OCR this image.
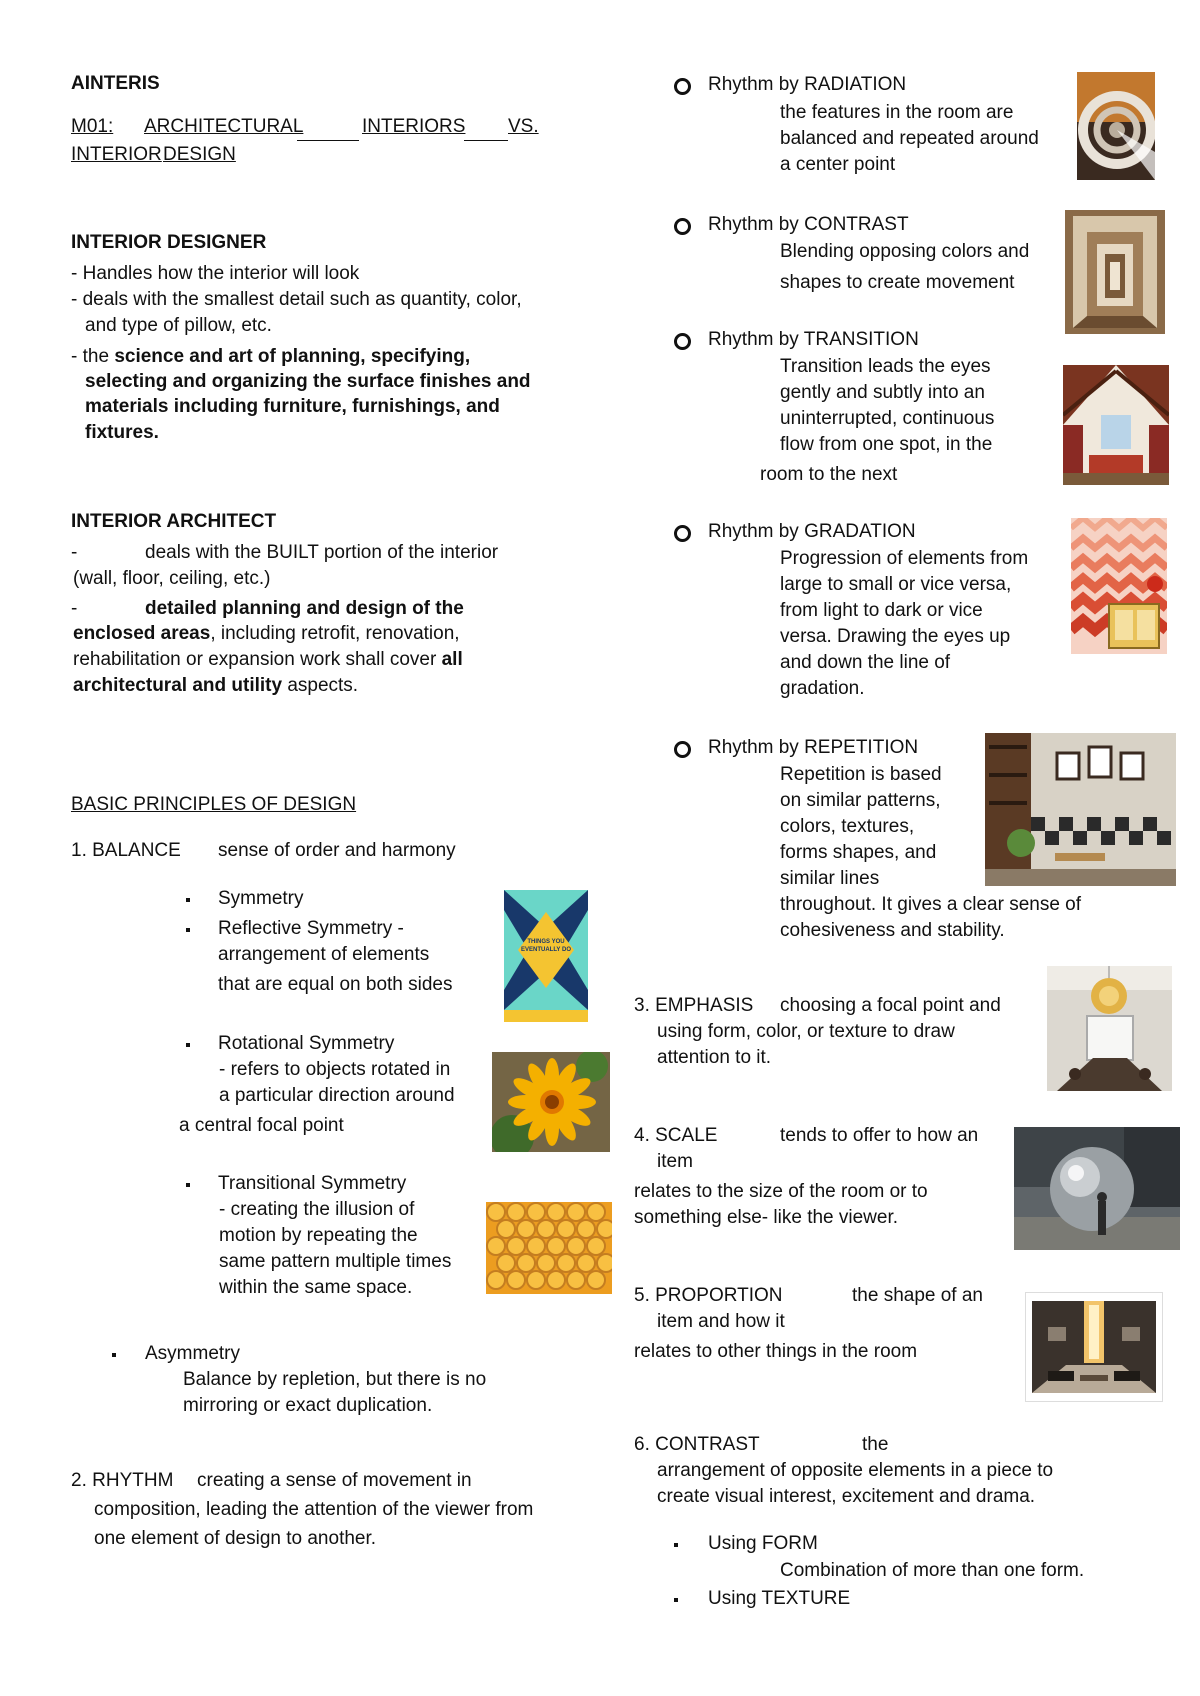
AINTERIS
M01: ARCHITECTURAL	INTERIORS VS.
INTERIOR DESIGN
INTERIOR DESIGNER
- Handles how the interior will look
- deals with the smallest detail such as quantity, color,
and type of pillow, etc.
- the science and art of planning, specifying,
selecting and organizing the surface finishes and
materials including furniture, furnishings, and
fixtures.
INTERIOR ARCHITECT
-	deals with the BUILT portion of the interior
(wall, floor, ceiling, etc.)
-	detailed planning and design of the
enclosed areas, including retrofit, renovation,
rehabilitation or expansion work shall cover all
architectural and utility aspects.
BASIC PRINCIPLES OF DESIGN
1. BALANCE sense of order and harmony
Symmetry
Reflective Symmetry -
arrangement of elements
that are equal on both sides
THINGS YOU
EVENTUALLY DO
Rotational Symmetry
- refers to objects rotated in
a particular direction around
a central focal point
Transitional Symmetry
- creating the illusion of
motion by repeating the
same pattern multiple times
within the same space.
Asymmetry
Balance by repletion, but there is no
mirroring or exact duplication.
2. RHYTHM creating a sense of movement in
composition, leading the attention of the viewer from
one element of design to another.
Rhythm by RADIATION
the features in the room are
balanced and repeated around
a center point
Rhythm by CONTRAST
Blending opposing colors and
shapes to create movement
Rhythm by TRANSITION
Transition leads the eyes
gently and subtly into an
uninterrupted, continuous
flow from one spot, in the
room to the next
Rhythm by GRADATION
Progression of elements from
large to small or vice versa,
from light to dark or vice
versa. Drawing the eyes up
and down the line of
gradation.
Rhythm by REPETITION
Repetition is based
on similar patterns,
colors, textures,
forms shapes, and
similar lines
throughout. It gives a clear sense of
cohesiveness and stability.
3. EMPHASIS choosing a focal point and
using form, color, or texture to draw
attention to it.
4. SCALE	tends to offer to how an
item
relates to the size of the room or to
something else- like the viewer.
5. PROPORTION	the shape of an
item and how it
relates to other things in the room
6. CONTRAST	the
arrangement of opposite elements in a piece to
create visual interest, excitement and drama.
Using FORM
Combination of more than one form.
Using TEXTURE
